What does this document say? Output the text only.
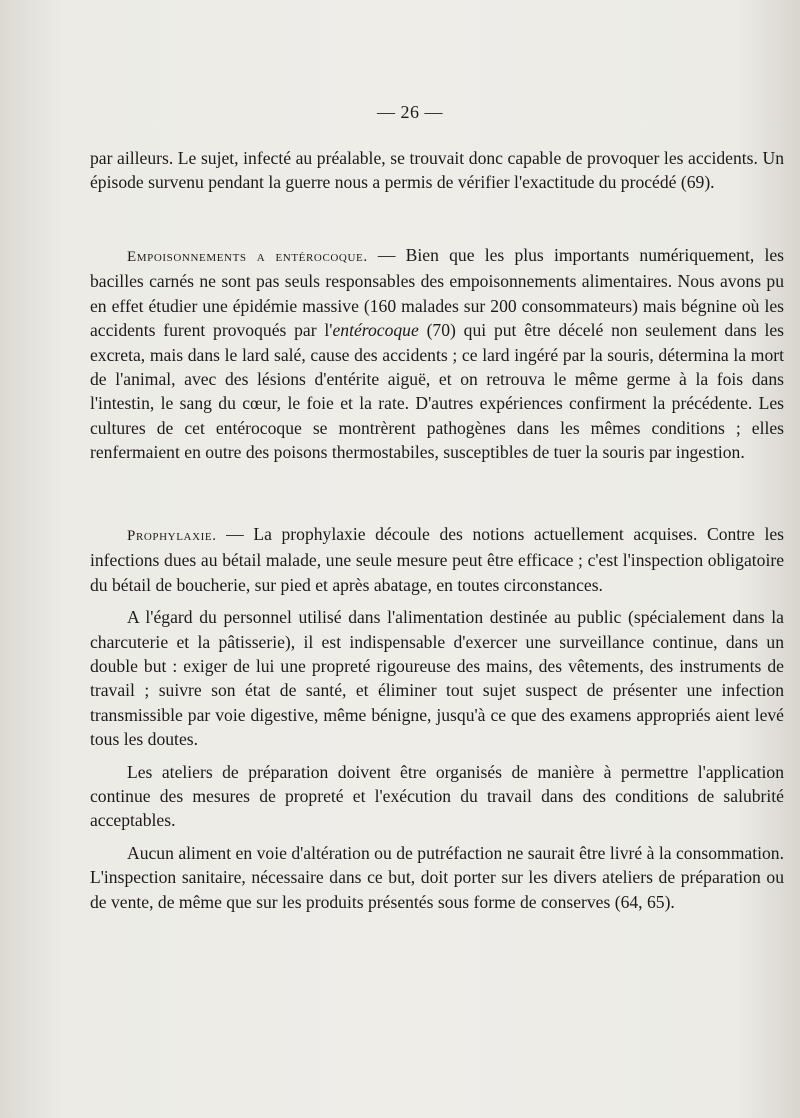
— 26 —

par ailleurs. Le sujet, infecté au préalable, se trouvait donc capable de provoquer les accidents. Un épisode survenu pendant la guerre nous a permis de vérifier l'exactitude du procédé (69).

Empoisonnements a entérocoque. — Bien que les plus importants numériquement, les bacilles carnés ne sont pas seuls responsables des empoisonnements alimentaires. Nous avons pu en effet étudier une épidémie massive (160 malades sur 200 consommateurs) mais bégnine où les accidents furent provoqués par l'entérocoque (70) qui put être décelé non seulement dans les excreta, mais dans le lard salé, cause des accidents ; ce lard ingéré par la souris, détermina la mort de l'animal, avec des lésions d'entérite aiguë, et on retrouva le même germe à la fois dans l'intestin, le sang du cœur, le foie et la rate. D'autres expériences confirment la précédente. Les cultures de cet entérocoque se montrèrent pathogènes dans les mêmes conditions ; elles renfermaient en outre des poisons thermostabiles, susceptibles de tuer la souris par ingestion.

Prophylaxie. — La prophylaxie découle des notions actuellement acquises. Contre les infections dues au bétail malade, une seule mesure peut être efficace ; c'est l'inspection obligatoire du bétail de boucherie, sur pied et après abatage, en toutes circonstances.

A l'égard du personnel utilisé dans l'alimentation destinée au public (spécialement dans la charcuterie et la pâtisserie), il est indispensable d'exercer une surveillance continue, dans un double but : exiger de lui une propreté rigoureuse des mains, des vêtements, des instruments de travail ; suivre son état de santé, et éliminer tout sujet suspect de présenter une infection transmissible par voie digestive, même bénigne, jusqu'à ce que des examens appropriés aient levé tous les doutes.

Les ateliers de préparation doivent être organisés de manière à permettre l'application continue des mesures de propreté et l'exécution du travail dans des conditions de salubrité acceptables.

Aucun aliment en voie d'altération ou de putréfaction ne saurait être livré à la consommation. L'inspection sanitaire, nécessaire dans ce but, doit porter sur les divers ateliers de préparation ou de vente, de même que sur les produits présentés sous forme de conserves (64, 65).
